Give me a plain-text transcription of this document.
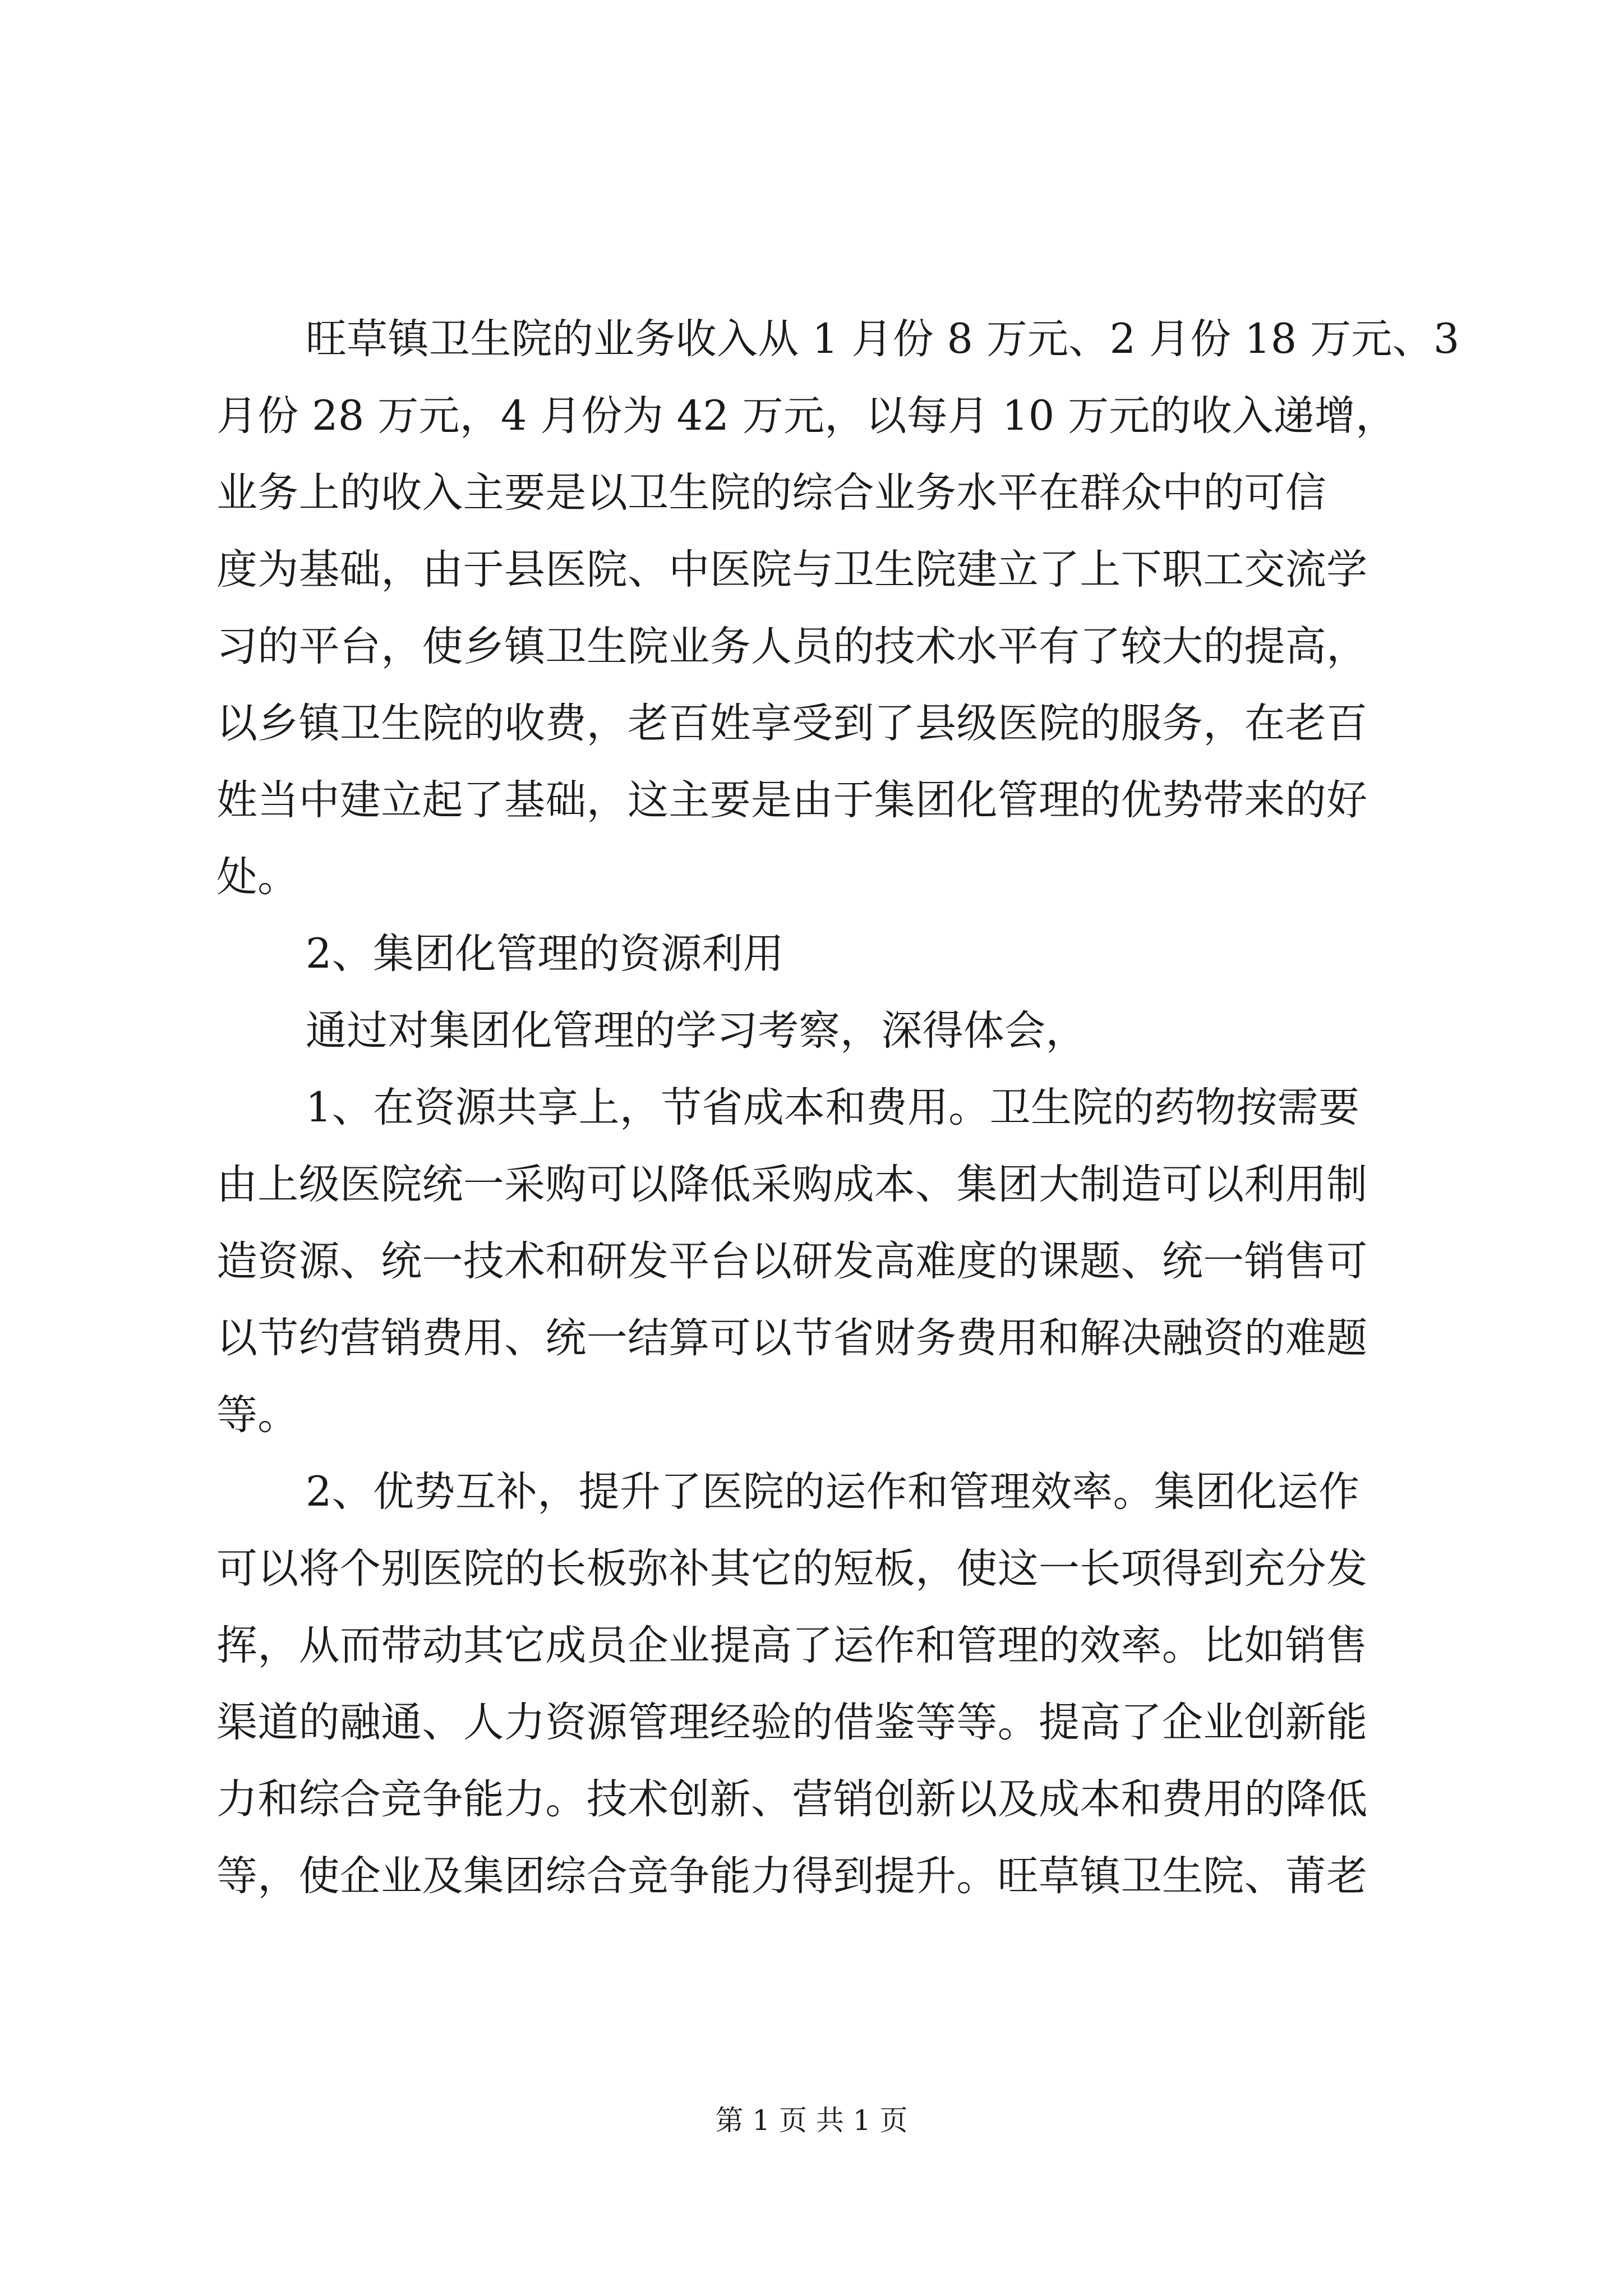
旺草镇卫生院的业务收入从 1 月份 8 万元、2 月份 18 万元、3
月份 28 万元，4 月份为 42 万元，以每月 10 万元的收入递增，
业务上的收入主要是以卫生院的综合业务水平在群众中的可信
度为基础，由于县医院、中医院与卫生院建立了上下职工交流学
习的平台，使乡镇卫生院业务人员的技术水平有了较大的提高，
以乡镇卫生院的收费，老百姓享受到了县级医院的服务，在老百
姓当中建立起了基础，这主要是由于集团化管理的优势带来的好
处。
2、集团化管理的资源利用
通过对集团化管理的学习考察，深得体会，
1、在资源共享上，节省成本和费用。卫生院的药物按需要
由上级医院统一采购可以降低采购成本、集团大制造可以利用制
造资源、统一技术和研发平台以研发高难度的课题、统一销售可
以节约营销费用、统一结算可以节省财务费用和解决融资的难题
等。
2、优势互补，提升了医院的运作和管理效率。集团化运作
可以将个别医院的长板弥补其它的短板，使这一长项得到充分发
挥，从而带动其它成员企业提高了运作和管理的效率。比如销售
渠道的融通、人力资源管理经验的借鉴等等。提高了企业创新能
力和综合竞争能力。技术创新、营销创新以及成本和费用的降低
等，使企业及集团综合竞争能力得到提升。旺草镇卫生院、莆老
第 1 页 共 1 页
